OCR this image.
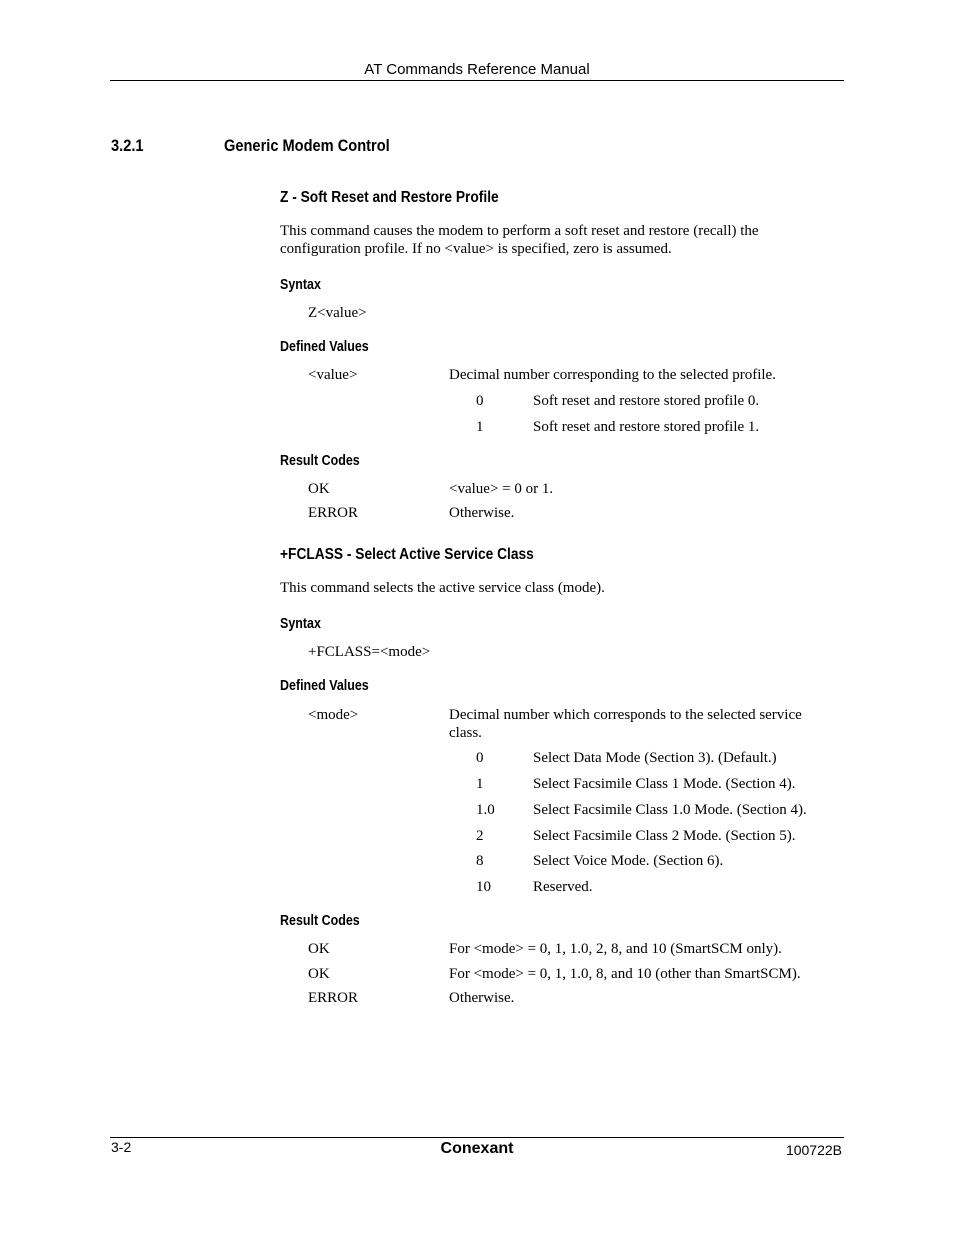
AT Commands Reference Manual
3.2.1	Generic Modem Control
Z - Soft Reset and Restore Profile
This command causes the modem to perform a soft reset and restore (recall) the
configuration profile. If no <value> is specified, zero is assumed.
Syntax
Z<value>
Defined Values
<value>	Decimal number corresponding to the selected profile.
0	Soft reset and restore stored profile 0.
1	Soft reset and restore stored profile 1.
Result Codes
OK	<value> = 0 or 1.
ERROR	Otherwise.
+FCLASS - Select Active Service Class
This command selects the active service class (mode).
Syntax
+FCLASS=<mode>
Defined Values
<mode>	Decimal number which corresponds to the selected service
class.
0	Select Data Mode (Section 3). (Default.)
1	Select Facsimile Class 1 Mode. (Section 4).
1.0	Select Facsimile Class 1.0 Mode. (Section 4).
2	Select Facsimile Class 2 Mode. (Section 5).
8	Select Voice Mode. (Section 6).
10	Reserved.
Result Codes
OK	For <mode> = 0, 1, 1.0, 2, 8, and 10 (SmartSCM only).
OK	For <mode> = 0, 1, 1.0, 8, and 10 (other than SmartSCM).
ERROR	Otherwise.
3-2	Conexant	100722B
